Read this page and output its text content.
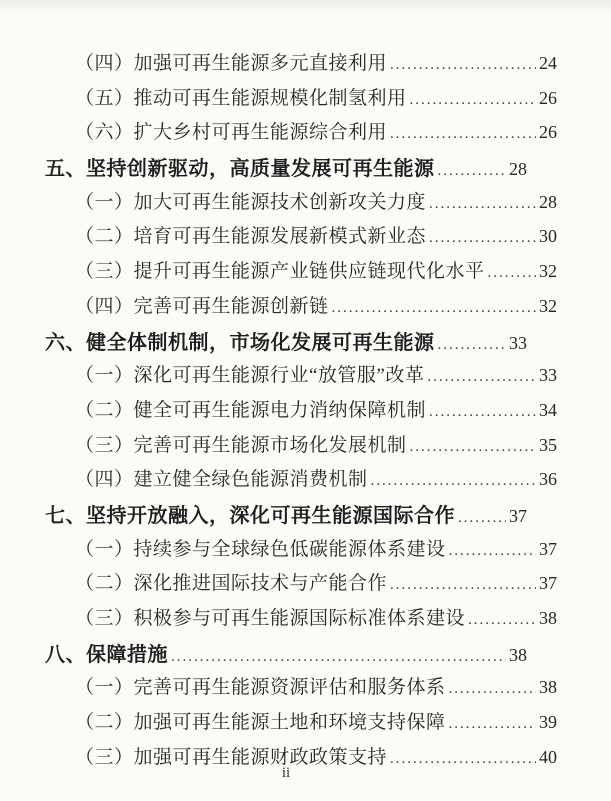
（四）加强可再生能源多元直接利用 .....	24
（五）推动可再生能源规模化制氢利用 .....	26
（六）扩大乡村可再生能源综合利用 .....	26
五、坚持创新驱动，高质量发展可再生能源 .....	28
（一）加大可再生能源技术创新攻关力度 .....	28
（二）培育可再生能源发展新模式新业态 .....	30
（三）提升可再生能源产业链供应链现代化水平 .....	32
（四）完善可再生能源创新链 .....	32
六、健全体制机制，市场化发展可再生能源 .....	33
（一）深化可再生能源行业“放管服”改革 .....	33
（二）健全可再生能源电力消纳保障机制 .....	34
（三）完善可再生能源市场化发展机制 .....	35
（四）建立健全绿色能源消费机制 .....	36
七、坚持开放融入，深化可再生能源国际合作 .....	37
（一）持续参与全球绿色低碳能源体系建设 .....	37
（二）深化推进国际技术与产能合作 .....	37
（三）积极参与可再生能源国际标准体系建设 .....	38
八、保障措施 .....	38
（一）完善可再生能源资源评估和服务体系 .....	38
（二）加强可再生能源土地和环境支持保障 .....	39
（三）加强可再生能源财政政策支持 .....	40
ii
